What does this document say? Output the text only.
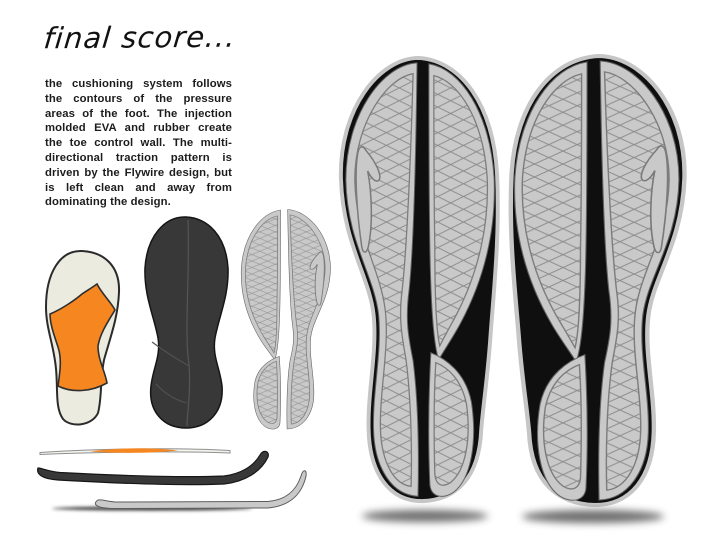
final score...
the cushioning system follows the contours of the pressure areas of the foot. The injection molded EVA and rubber create the toe control wall. The multi-directional traction pattern is driven by the Flywire design, but is left clean and away from dominating the design.
